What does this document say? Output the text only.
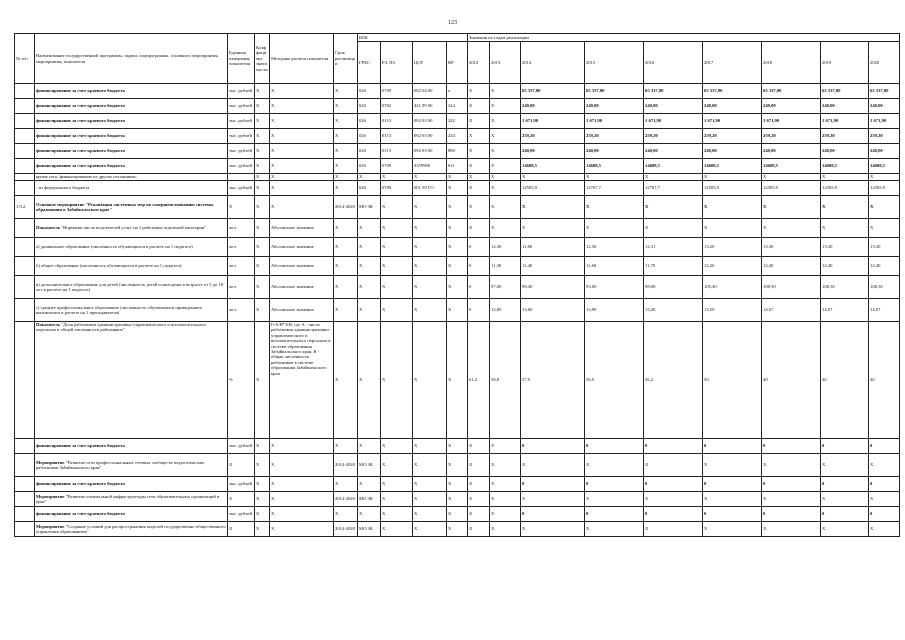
123
№ п/п	Наименование государственной программы, задачи, подпрограммы, основного мероприятия, мероприятия, показателя	Единица измерения показателя	Коэффициент значимости	Методика расчета показателя	Срок реализации	КБК				Значения по годам реализации								
						ГРБС	РЗ, ПЗ	ЦСР	ВР	2012	2013	2014	2015	2016	2017	2018	2019	2020
	финансирование за счет краевого бюджета	тыс. рублей	Х	Х	Х	026	0709	002 04 00	х	Х	Х	65 337,00	65 337,00	65 337,00	65 337,00	65 337,00	65 337,00	65 337,00
	финансирование за счет краевого бюджета	тыс. рублей	Х	Х	Х	026	0702	421 99 00	244	Х	Х	240,00	240,00	240,00	240,00	240,00	240,00	240,00
	финансирование за счет краевого бюджета	тыс. рублей	Х	Х	Х	026	0113	092 03 00	242	Х	Х	1 671,90	1 671,90	1 671,90	1 671,90	1 671,90	1 671,90	1 671,90
	финансирование за счет краевого бюджета	тыс. рублей	Х	Х	Х	026	0113	092 03 00	244	Х	Х	259,20	259,20	259,20	259,20	259,20	259,20	259,20
	финансирование за счет краевого бюджета	тыс. рублей	Х	Х	Х	026	0113	092 03 00	880	Х	Х	240,00	240,00	240,00	240,00	240,00	240,00	240,00
	финансирование за счет краевого бюджета	тыс. рублей	Х	Х	Х	026	0709	4359900	611	Х	Х	14608,5	14608,5	14608,5	14608,5	14608,5	14608,5	14608,5
	кроме того, финансирование из других источников:		Х	Х	Х	Х	Х	Х	Х	Х	Х	Х	Х	Х	Х	Х	Х	Х
	- из федерального бюджета	тыс. рублей	Х	Х	Х	026	0709	001 59 ГО	Х	Х	Х	12505,9	12767,7	12767,7	12505,9	12505,9	12505,9	12505,9
1.9.2.	Основное мероприятие "Реализация системных мер по совершенствованию системы образования в Забайкальском крае"	Х	Х	Х	2014-2020	МО ЗК	Х	Х	Х	Х	Х	Х	Х	Х	Х	Х	Х	Х
	Показатель "Норматив числа получателей услуг на 1 работника отдельной категории"	чел.	Х	Абсолютное значение	Х	Х	Х	Х	Х	Х	Х	Х	Х	Х	Х	Х	Х	Х
	а) дошкольное образование (численность обучающихся в расчете на 1 педагога)	чел.	Х	Абсолютное значение	Х	Х	Х	Х	Х	0	12,30	11,80	12,30	12,31	13,20	13,30	13,30	13,30
	б) общее образование (численность обучающихся в расчете на 1 педагога)	чел.	Х	Абсолютное значение	Х	Х	Х	Х	Х	0	11,30	11,40	11,60	11,70	12,20	12,40	12,40	12,40
	в) дополнительное образование для детей (численность детей и молодежи в возрасте от 5 до 18 лет в расчете на 1 педагога)	чел.	Х	Абсолютное значение	Х	Х	Х	Х	Х	0	97,00	98,40	93,00	98,00	105,40	108,50	108,50	108,50
	г) среднее профессиональное образование (численность обучающихся приведенного контингента в расчете на 1 преподавателя)	чел.	Х	Абсолютное значение	Х	Х	Х	Х	Х	0	12,80	13,60	13,90	13,40	13,59	14,07	14,07	14,07
	Показатель "Доля работников административно-управленческого и вспомогательного персонала в общей численности работников"	%	Х	I=А/В*100, где А - число работников административно-управленческого и вспомогательного персонала в системе образования Забайкальского края, В - общая численность работников в системе образования Забайкальского края	Х	Х	Х	Х	Х	61,2	58,8	57,9	56,9	56,2	50	40	40	40
	финансирование за счет краевого бюджета	тыс. рублей	Х	Х	Х	Х	Х	Х	Х	Х	Х	0	0	0	0	0	0	0
	Мероприятие "Развитие сети профессиональных сетевых сообществ педагогических работников Забайкальского края"	Х	Х	Х	2014-2020	МО ЗК	Х	Х	Х	Х	Х	Х	Х	Х	Х	Х	Х	Х
	финансирование за счет краевого бюджета	тыс. рублей	Х	Х	Х	Х	Х	Х	Х	Х	Х	0	0	0	0	0	0	0
	Мероприятие "Развитие оптимальной инфраструктуры сети образовательных организаций в крае"	Х	Х	Х	2014-2020	МО ЗК	Х	Х	Х	Х	Х	Х	Х	Х	Х	Х	Х	Х
	финансирование за счет краевого бюджета	тыс. рублей	Х	Х	Х	Х	Х	Х	Х	Х	Х	0	0	0	0	0	0	0
	Мероприятие "Создание условий для распространения моделей государственно-общественного управления образованием"	Х	Х	Х	2014-2020	МО ЗК	Х	Х	Х	Х	Х	Х	Х	Х	Х	Х	Х	Х
